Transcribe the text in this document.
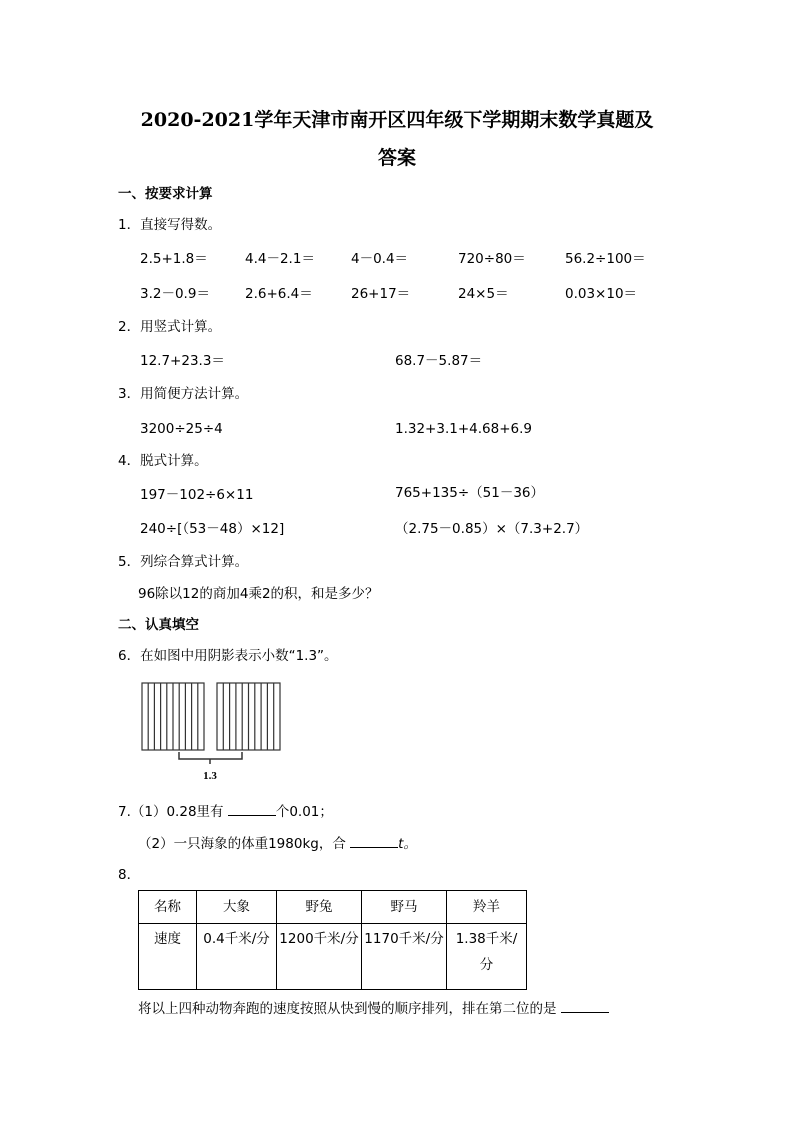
2020-2021学年天津市南开区四年级下学期期末数学真题及
答案
一、按要求计算
1．直接写得数。
2.5+1.8＝	4.4－2.1＝	4－0.4＝	720÷80＝	56.2÷100＝
3.2－0.9＝	2.6+6.4＝	26+17＝	24×5＝	0.03×10＝
2．用竖式计算。
12.7+23.3＝	68.7－5.87＝
3．用简便方法计算。
3200÷25÷4	1.32+3.1+4.68+6.9
4．脱式计算。
197－102÷6×11	765+135÷（51－36）
240÷[（53－48）×12]	（2.75－0.85）×（7.3+2.7）
5．列综合算式计算。
96除以12的商加4乘2的积，和是多少？
二、认真填空
6．在如图中用阴影表示小数“1.3”。
1.3
7.（1）0.28里有	个0.01；
（2）一只海象的体重1980kg，合	t。
8．
名称	大象	野兔	野马	羚羊
速度	0.4千米/分	1200千米/分	1170千米/分	1.38千米/分
将以上四种动物奔跑的速度按照从快到慢的顺序排列，排在第二位的是
